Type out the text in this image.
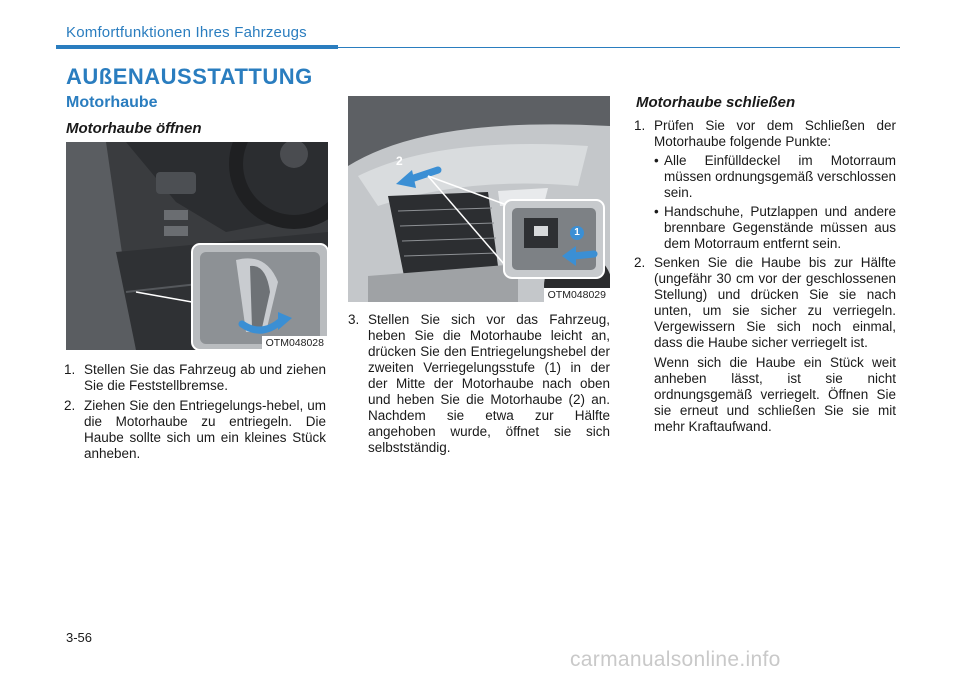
Komfortfunktionen Ihres Fahrzeugs
AUßENAUSSTATTUNG
Motorhaube
Motorhaube öffnen
OTM048028
1. Stellen Sie das Fahrzeug ab und ziehen Sie die Feststellbremse.
2. Ziehen Sie den Entriegelungs-hebel, um die Motorhaube zu entriegeln. Die Haube sollte sich um ein kleines Stück anheben.
2
1
OTM048029
3. Stellen Sie sich vor das Fahrzeug, heben Sie die Motorhaube leicht an, drücken Sie den Entriegelungshebel der zweiten Verriegelungsstufe (1) in der der Mitte der Motorhaube nach oben und heben Sie die Motorhaube (2) an. Nachdem sie etwa zur Hälfte angehoben wurde, öffnet sie sich selbstständig.
Motorhaube schließen
1. Prüfen Sie vor dem Schließen der Motorhaube folgende Punkte:
• Alle Einfülldeckel im Motorraum müssen ordnungsgemäß verschlossen sein.
• Handschuhe, Putzlappen und andere brennbare Gegenstände müssen aus dem Motorraum entfernt sein.
2. Senken Sie die Haube bis zur Hälfte (ungefähr 30 cm vor der geschlossenen Stellung) und drücken Sie sie nach unten, um sie sicher zu verriegeln. Vergewissern Sie sich noch einmal, dass die Haube sicher verriegelt ist.
Wenn sich die Haube ein Stück weit anheben lässt, ist sie nicht ordnungsgemäß verriegelt. Öffnen Sie sie erneut und schließen Sie sie mit mehr Kraftaufwand.
3-56
carmanualsonline.info
